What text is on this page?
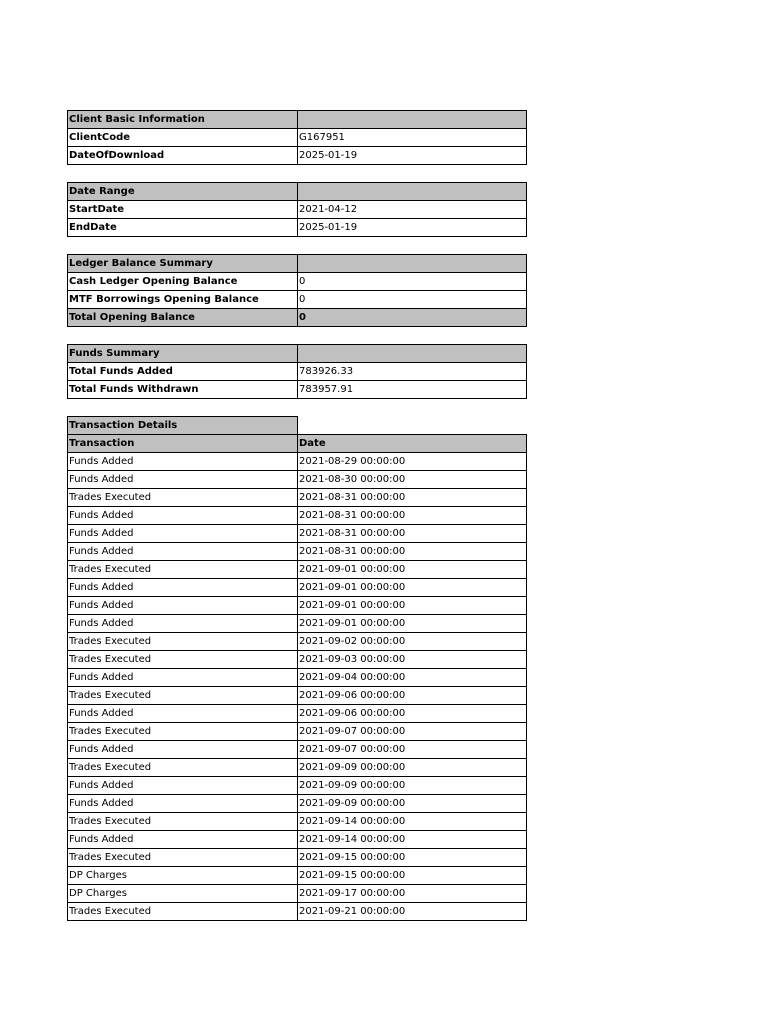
Client Basic Information	
ClientCode	G167951
DateOfDownload	2025-01-19
Date Range	
StartDate	2021-04-12
EndDate	2025-01-19
Ledger Balance Summary	
Cash Ledger Opening Balance	0
MTF Borrowings Opening Balance	0
Total Opening Balance	0
Funds Summary	
Total Funds Added	783926.33
Total Funds Withdrawn	783957.91
Transaction Details	
Transaction	Date
Funds Added	2021-08-29 00:00:00
Funds Added	2021-08-30 00:00:00
Trades Executed	2021-08-31 00:00:00
Funds Added	2021-08-31 00:00:00
Funds Added	2021-08-31 00:00:00
Funds Added	2021-08-31 00:00:00
Trades Executed	2021-09-01 00:00:00
Funds Added	2021-09-01 00:00:00
Funds Added	2021-09-01 00:00:00
Funds Added	2021-09-01 00:00:00
Trades Executed	2021-09-02 00:00:00
Trades Executed	2021-09-03 00:00:00
Funds Added	2021-09-04 00:00:00
Trades Executed	2021-09-06 00:00:00
Funds Added	2021-09-06 00:00:00
Trades Executed	2021-09-07 00:00:00
Funds Added	2021-09-07 00:00:00
Trades Executed	2021-09-09 00:00:00
Funds Added	2021-09-09 00:00:00
Funds Added	2021-09-09 00:00:00
Trades Executed	2021-09-14 00:00:00
Funds Added	2021-09-14 00:00:00
Trades Executed	2021-09-15 00:00:00
DP Charges	2021-09-15 00:00:00
DP Charges	2021-09-17 00:00:00
Trades Executed	2021-09-21 00:00:00
